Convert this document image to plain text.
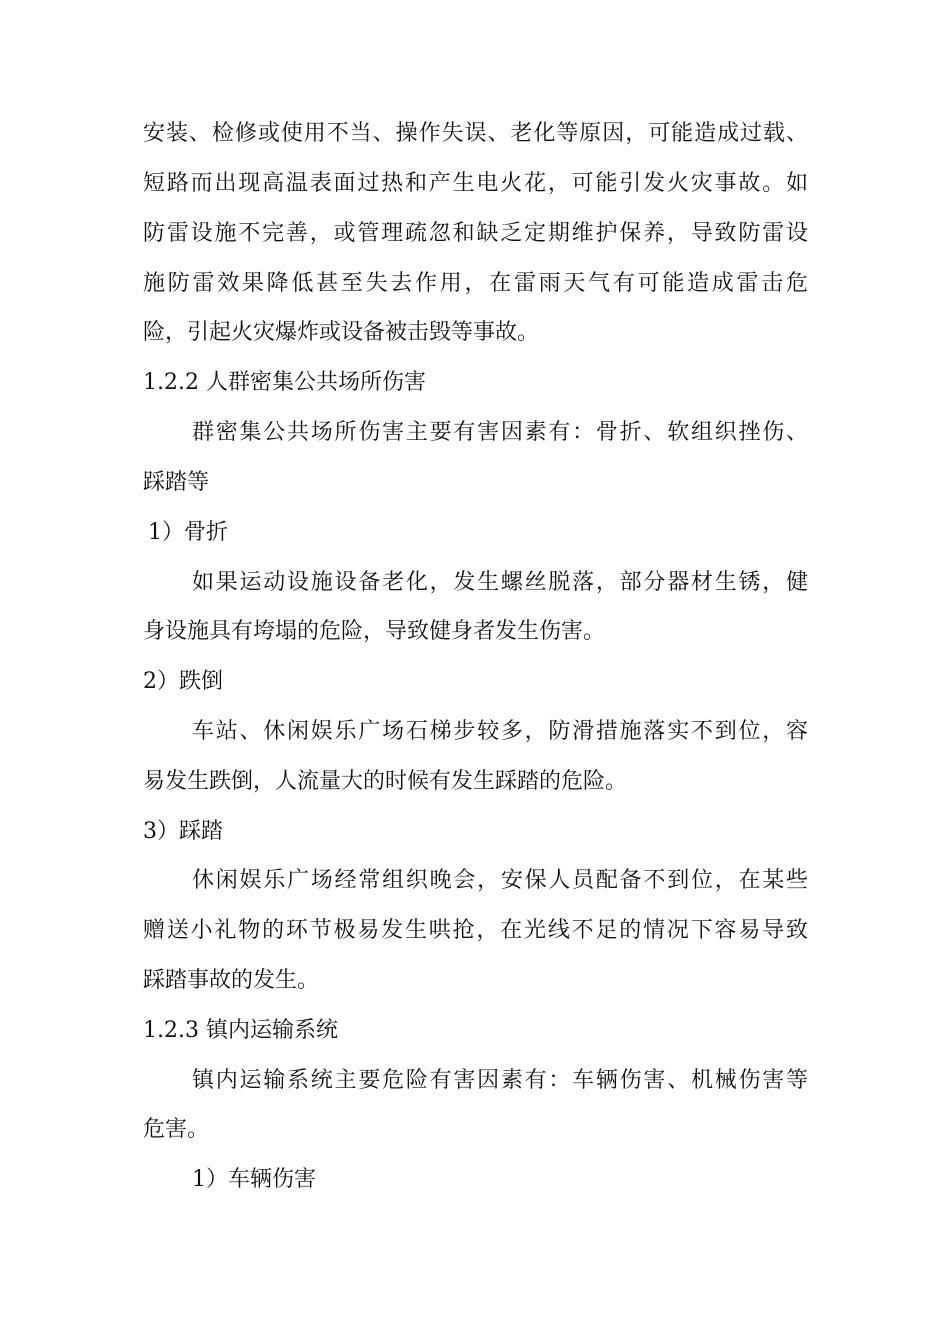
安装、检修或使用不当、操作失误、老化等原因，可能造成过载、
短路而出现高温表面过热和产生电火花，可能引发火灾事故。如
防雷设施不完善，或管理疏忽和缺乏定期维护保养，导致防雷设
施防雷效果降低甚至失去作用，在雷雨天气有可能造成雷击危
险，引起火灾爆炸或设备被击毁等事故。
1.2.2 人群密集公共场所伤害
群密集公共场所伤害主要有害因素有：骨折、软组织挫伤、
踩踏等
1）骨折
如果运动设施设备老化，发生螺丝脱落，部分器材生锈，健
身设施具有垮塌的危险，导致健身者发生伤害。
2）跌倒
车站、休闲娱乐广场石梯步较多，防滑措施落实不到位，容
易发生跌倒，人流量大的时候有发生踩踏的危险。
3）踩踏
休闲娱乐广场经常组织晚会，安保人员配备不到位，在某些
赠送小礼物的环节极易发生哄抢，在光线不足的情况下容易导致
踩踏事故的发生。
1.2.3 镇内运输系统
镇内运输系统主要危险有害因素有：车辆伤害、机械伤害等
危害。
1）车辆伤害
